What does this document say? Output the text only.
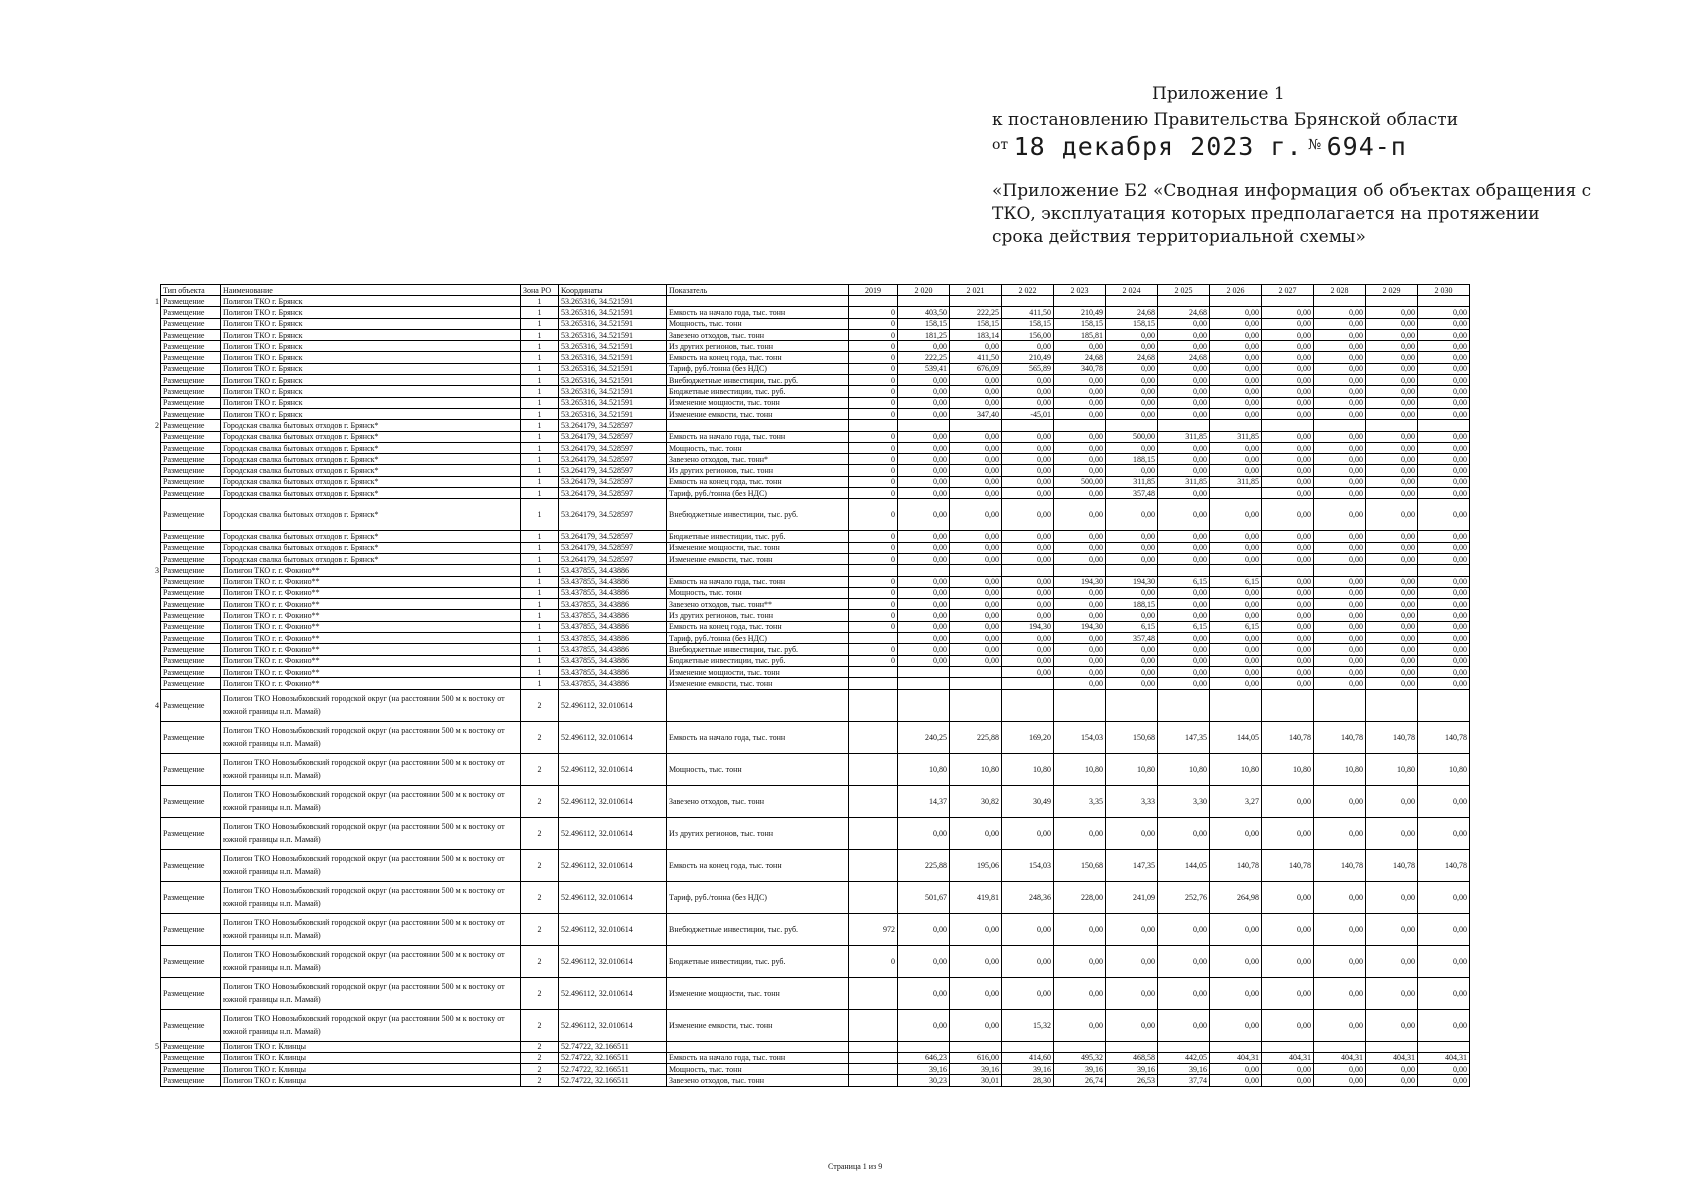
Приложение 1
к постановлению Правительства Брянской области
$^{от}$ 18 декабря 2023 г. № 694-п
«Приложение Б2 «Сводная информация об объектах обращения с ТКО, эксплуатация которых предполагается на протяжении срока действия территориальной схемы»
Тип объекта	Наименование	Зона РО	Координаты	Показатель	2019	2 020	2 021	2 022	2 023	2 024	2 025	2 026	2 027	2 028	2 029	2 030

1 Размещение	Полигон ТКО г. Брянск	1	53.265316, 34.521591													
Размещение	Полигон ТКО г. Брянск	1	53.265316, 34.521591	Емкость на начало года, тыс. тонн	0	403,50	222,25	411,50	210,49	24,68	24,68	0,00	0,00	0,00	0,00	0,00
Размещение	Полигон ТКО г. Брянск	1	53.265316, 34.521591	Мощность, тыс. тонн	0	158,15	158,15	158,15	158,15	158,15	0,00	0,00	0,00	0,00	0,00	0,00
Размещение	Полигон ТКО г. Брянск	1	53.265316, 34.521591	Завезено отходов, тыс. тонн	0	181,25	183,14	156,00	185,81	0,00	0,00	0,00	0,00	0,00	0,00	0,00
Размещение	Полигон ТКО г. Брянск	1	53.265316, 34.521591	Из других регионов, тыс. тонн	0	0,00	0,00	0,00	0,00	0,00	0,00	0,00	0,00	0,00	0,00	0,00
Размещение	Полигон ТКО г. Брянск	1	53.265316, 34.521591	Емкость на конец года, тыс. тонн	0	222,25	411,50	210,49	24,68	24,68	24,68	0,00	0,00	0,00	0,00	0,00
Размещение	Полигон ТКО г. Брянск	1	53.265316, 34.521591	Тариф, руб./тонна (без НДС)	0	539,41	676,09	565,89	340,78	0,00	0,00	0,00	0,00	0,00	0,00	0,00
Размещение	Полигон ТКО г. Брянск	1	53.265316, 34.521591	Внебюджетные инвестиции, тыс. руб.	0	0,00	0,00	0,00	0,00	0,00	0,00	0,00	0,00	0,00	0,00	0,00
Размещение	Полигон ТКО г. Брянск	1	53.265316, 34.521591	Бюджетные инвестиции, тыс. руб.	0	0,00	0,00	0,00	0,00	0,00	0,00	0,00	0,00	0,00	0,00	0,00
Размещение	Полигон ТКО г. Брянск	1	53.265316, 34.521591	Изменение мощности, тыс. тонн	0	0,00	0,00	0,00	0,00	0,00	0,00	0,00	0,00	0,00	0,00	0,00
Размещение	Полигон ТКО г. Брянск	1	53.265316, 34.521591	Изменение емкости, тыс. тонн	0	0,00	347,40	-45,01	0,00	0,00	0,00	0,00	0,00	0,00	0,00	0,00

2 Размещение	Городская свалка бытовых отходов г. Брянск*	1	53.264179, 34.528597													
Размещение	Городская свалка бытовых отходов г. Брянск*	1	53.264179, 34.528597	Емкость на начало года, тыс. тонн	0	0,00	0,00	0,00	0,00	500,00	311,85	311,85	0,00	0,00	0,00	0,00
Размещение	Городская свалка бытовых отходов г. Брянск*	1	53.264179, 34.528597	Мощность, тыс. тонн	0	0,00	0,00	0,00	0,00	0,00	0,00	0,00	0,00	0,00	0,00	0,00
Размещение	Городская свалка бытовых отходов г. Брянск*	1	53.264179, 34.528597	Завезено отходов, тыс. тонн*	0	0,00	0,00	0,00	0,00	188,15	0,00	0,00	0,00	0,00	0,00	0,00
Размещение	Городская свалка бытовых отходов г. Брянск*	1	53.264179, 34.528597	Из других регионов, тыс. тонн	0	0,00	0,00	0,00	0,00	0,00	0,00	0,00	0,00	0,00	0,00	0,00
Размещение	Городская свалка бытовых отходов г. Брянск*	1	53.264179, 34.528597	Емкость на конец года, тыс. тонн	0	0,00	0,00	0,00	500,00	311,85	311,85	311,85	0,00	0,00	0,00	0,00
Размещение	Городская свалка бытовых отходов г. Брянск*	1	53.264179, 34.528597	Тариф, руб./тонна (без НДС)	0	0,00	0,00	0,00	0,00	357,48	0,00		0,00	0,00	0,00	0,00
Размещение	Городская свалка бытовых отходов г. Брянск*	1	53.264179, 34.528597	Внебюджетные инвестиции, тыс. руб.	0	0,00	0,00	0,00	0,00	0,00	0,00	0,00	0,00	0,00	0,00	0,00
Размещение	Городская свалка бытовых отходов г. Брянск*	1	53.264179, 34.528597	Бюджетные инвестиции, тыс. руб.	0	0,00	0,00	0,00	0,00	0,00	0,00	0,00	0,00	0,00	0,00	0,00
Размещение	Городская свалка бытовых отходов г. Брянск*	1	53.264179, 34.528597	Изменение мощности, тыс. тонн	0	0,00	0,00	0,00	0,00	0,00	0,00	0,00	0,00	0,00	0,00	0,00
Размещение	Городская свалка бытовых отходов г. Брянск*	1	53.264179, 34.528597	Изменение емкости, тыс. тонн	0	0,00	0,00	0,00	0,00	0,00	0,00	0,00	0,00	0,00	0,00	0,00

3 Размещение	Полигон ТКО г. г. Фокино**	1	53.437855, 34.43886													
Размещение	Полигон ТКО г. г. Фокино**	1	53.437855, 34.43886	Емкость на начало года, тыс. тонн	0	0,00	0,00	0,00	194,30	194,30	6,15	6,15	0,00	0,00	0,00	0,00
Размещение	Полигон ТКО г. г. Фокино**	1	53.437855, 34.43886	Мощность, тыс. тонн	0	0,00	0,00	0,00	0,00	0,00	0,00	0,00	0,00	0,00	0,00	0,00
Размещение	Полигон ТКО г. г. Фокино**	1	53.437855, 34.43886	Завезено отходов, тыс. тонн**	0	0,00	0,00	0,00	0,00	188,15	0,00	0,00	0,00	0,00	0,00	0,00
Размещение	Полигон ТКО г. г. Фокино**	1	53.437855, 34.43886	Из других регионов, тыс. тонн	0	0,00	0,00	0,00	0,00	0,00	0,00	0,00	0,00	0,00	0,00	0,00
Размещение	Полигон ТКО г. г. Фокино**	1	53.437855, 34.43886	Емкость на конец года, тыс. тонн	0	0,00	0,00	194,30	194,30	6,15	6,15	6,15	0,00	0,00	0,00	0,00
Размещение	Полигон ТКО г. г. Фокино**	1	53.437855, 34.43886	Тариф, руб./тонна (без НДС)		0,00	0,00	0,00	0,00	357,48	0,00	0,00	0,00	0,00	0,00	0,00
Размещение	Полигон ТКО г. г. Фокино**	1	53.437855, 34.43886	Внебюджетные инвестиции, тыс. руб.	0	0,00	0,00	0,00	0,00	0,00	0,00	0,00	0,00	0,00	0,00	0,00
Размещение	Полигон ТКО г. г. Фокино**	1	53.437855, 34.43886	Бюджетные инвестиции, тыс. руб.	0	0,00	0,00	0,00	0,00	0,00	0,00	0,00	0,00	0,00	0,00	0,00
Размещение	Полигон ТКО г. г. Фокино**	1	53.437855, 34.43886	Изменение мощности, тыс. тонн				0,00	0,00	0,00	0,00	0,00	0,00	0,00	0,00	0,00
Размещение	Полигон ТКО г. г. Фокино**	1	53.437855, 34.43886	Изменение емкости, тыс. тонн					0,00	0,00	0,00	0,00	0,00	0,00	0,00	0,00

4 Размещение	Полигон ТКО Новозыбковский городской округ (на расстоянии 500 м к востоку от южной границы н.п. Мамай)	2	52.496112, 32.010614													
Размещение	Полигон ТКО Новозыбковский городской округ (на расстоянии 500 м к востоку от южной границы н.п. Мамай)	2	52.496112, 32.010614	Емкость на начало года, тыс. тонн		240,25	225,88	169,20	154,03	150,68	147,35	144,05	140,78	140,78	140,78	140,78
Размещение	Полигон ТКО Новозыбковский городской округ (на расстоянии 500 м к востоку от южной границы н.п. Мамай)	2	52.496112, 32.010614	Мощность, тыс. тонн		10,80	10,80	10,80	10,80	10,80	10,80	10,80	10,80	10,80	10,80	10,80
Размещение	Полигон ТКО Новозыбковский городской округ (на расстоянии 500 м к востоку от южной границы н.п. Мамай)	2	52.496112, 32.010614	Завезено отходов, тыс. тонн		14,37	30,82	30,49	3,35	3,33	3,30	3,27	0,00	0,00	0,00	0,00
Размещение	Полигон ТКО Новозыбковский городской округ (на расстоянии 500 м к востоку от южной границы н.п. Мамай)	2	52.496112, 32.010614	Из других регионов, тыс. тонн		0,00	0,00	0,00	0,00	0,00	0,00	0,00	0,00	0,00	0,00	0,00
Размещение	Полигон ТКО Новозыбковский городской округ (на расстоянии 500 м к востоку от южной границы н.п. Мамай)	2	52.496112, 32.010614	Емкость на конец года, тыс. тонн		225,88	195,06	154,03	150,68	147,35	144,05	140,78	140,78	140,78	140,78	140,78
Размещение	Полигон ТКО Новозыбковский городской округ (на расстоянии 500 м к востоку от южной границы н.п. Мамай)	2	52.496112, 32.010614	Тариф, руб./тонна (без НДС)		501,67	419,81	248,36	228,00	241,09	252,76	264,98	0,00	0,00	0,00	0,00
Размещение	Полигон ТКО Новозыбковский городской округ (на расстоянии 500 м к востоку от южной границы н.п. Мамай)	2	52.496112, 32.010614	Внебюджетные инвестиции, тыс. руб.	972	0,00	0,00	0,00	0,00	0,00	0,00	0,00	0,00	0,00	0,00	0,00
Размещение	Полигон ТКО Новозыбковский городской округ (на расстоянии 500 м к востоку от южной границы н.п. Мамай)	2	52.496112, 32.010614	Бюджетные инвестиции, тыс. руб.	0	0,00	0,00	0,00	0,00	0,00	0,00	0,00	0,00	0,00	0,00	0,00
Размещение	Полигон ТКО Новозыбковский городской округ (на расстоянии 500 м к востоку от южной границы н.п. Мамай)	2	52.496112, 32.010614	Изменение мощности, тыс. тонн		0,00	0,00	0,00	0,00	0,00	0,00	0,00	0,00	0,00	0,00	0,00
Размещение	Полигон ТКО Новозыбковский городской округ (на расстоянии 500 м к востоку от южной границы н.п. Мамай)	2	52.496112, 32.010614	Изменение емкости, тыс. тонн		0,00	0,00	15,32	0,00	0,00	0,00	0,00	0,00	0,00	0,00	0,00

5 Размещение	Полигон ТКО г. Клинцы	2	52.74722, 32.166511													
Размещение	Полигон ТКО г. Клинцы	2	52.74722, 32.166511	Емкость на начало года, тыс. тонн		646,23	616,00	414,60	495,32	468,58	442,05	404,31	404,31	404,31	404,31	404,31
Размещение	Полигон ТКО г. Клинцы	2	52.74722, 32.166511	Мощность, тыс. тонн		39,16	39,16	39,16	39,16	39,16	39,16	0,00	0,00	0,00	0,00	0,00
Размещение	Полигон ТКО г. Клинцы	2	52.74722, 32.166511	Завезено отходов, тыс. тонн		30,23	30,01	28,30	26,74	26,53	37,74	0,00	0,00	0,00	0,00	0,00
Страница 1 из 9
